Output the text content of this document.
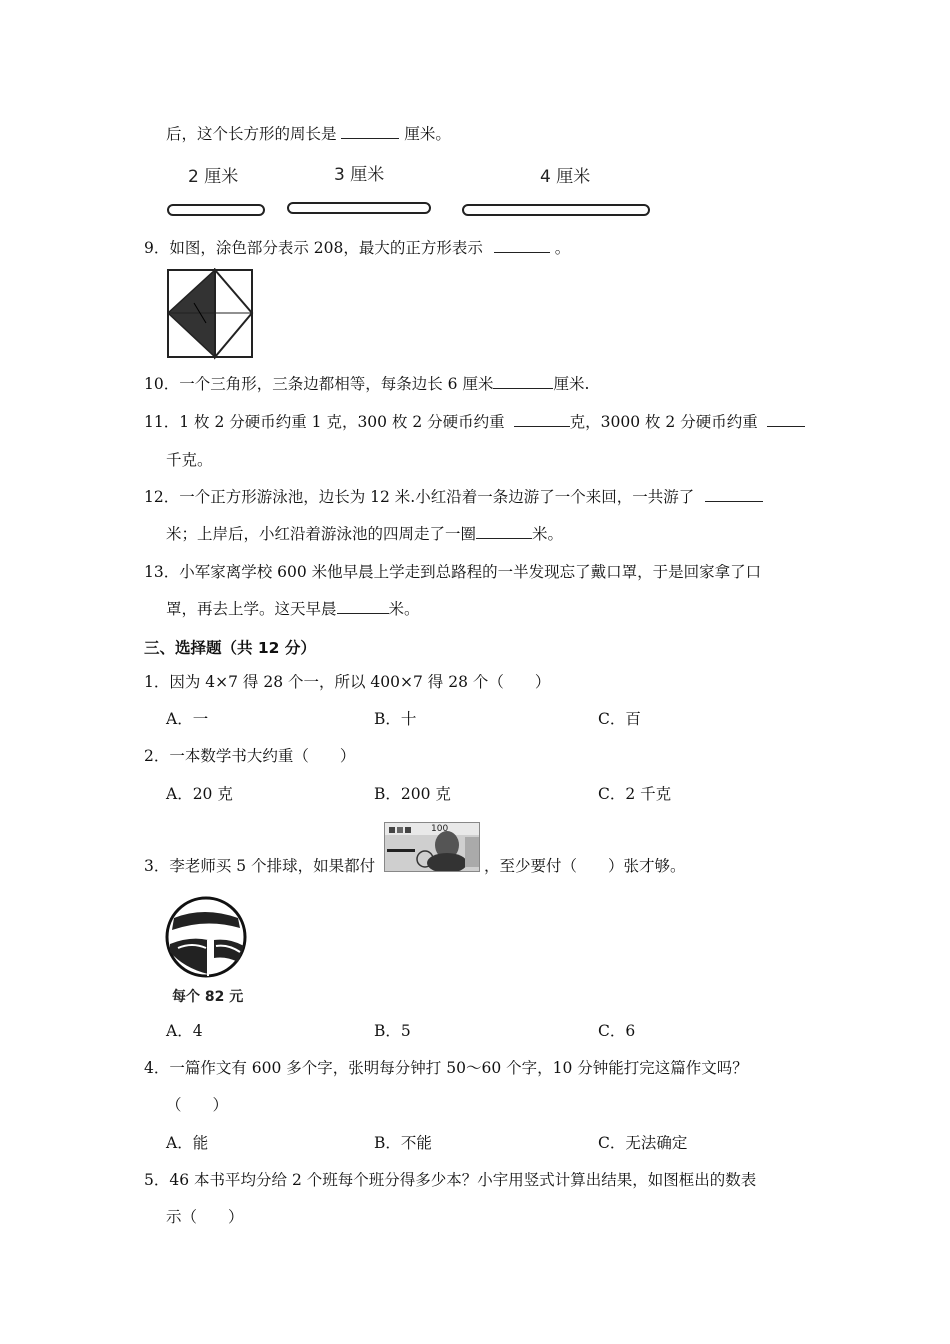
后，这个长方形的周长是	厘米。
2 厘米	3 厘米	4 厘米
9．如图，涂色部分表示 208，最大的正方形表示	。
10．一个三角形，三条边都相等，每条边长 6 厘米	厘米.
11．1 枚 2 分硬币约重 1 克，300 枚 2 分硬币约重	克，3000 枚 2 分硬币约重
千克。
12．一个正方形游泳池，边长为 12 米.小红沿着一条边游了一个来回，一共游了
米；上岸后，小红沿着游泳池的四周走了一圈	米。
13．小军家离学校 600 米他早晨上学走到总路程的一半发现忘了戴口罩，于是回家拿了口
罩，再去上学。这天早晨	米。
三、选择题（共 12 分）
1．因为 4×7 得 28 个一，所以 400×7 得 28 个（　　）
A．一	B．十	C．百
2．一本数学书大约重（　　）
A．20 克	B．200 克	C．2 千克
3．李老师买 5 个排球，如果都付
100
，至少要付（　　）张才够。
每个 82 元
A．4	B．5	C．6
4．一篇作文有 600 多个字，张明每分钟打 50～60 个字，10 分钟能打完这篇作文吗？
（　　）
A．能	B．不能	C．无法确定
5．46 本书平均分给 2 个班每个班分得多少本？小宇用竖式计算出结果，如图框出的数表
示（　　）
